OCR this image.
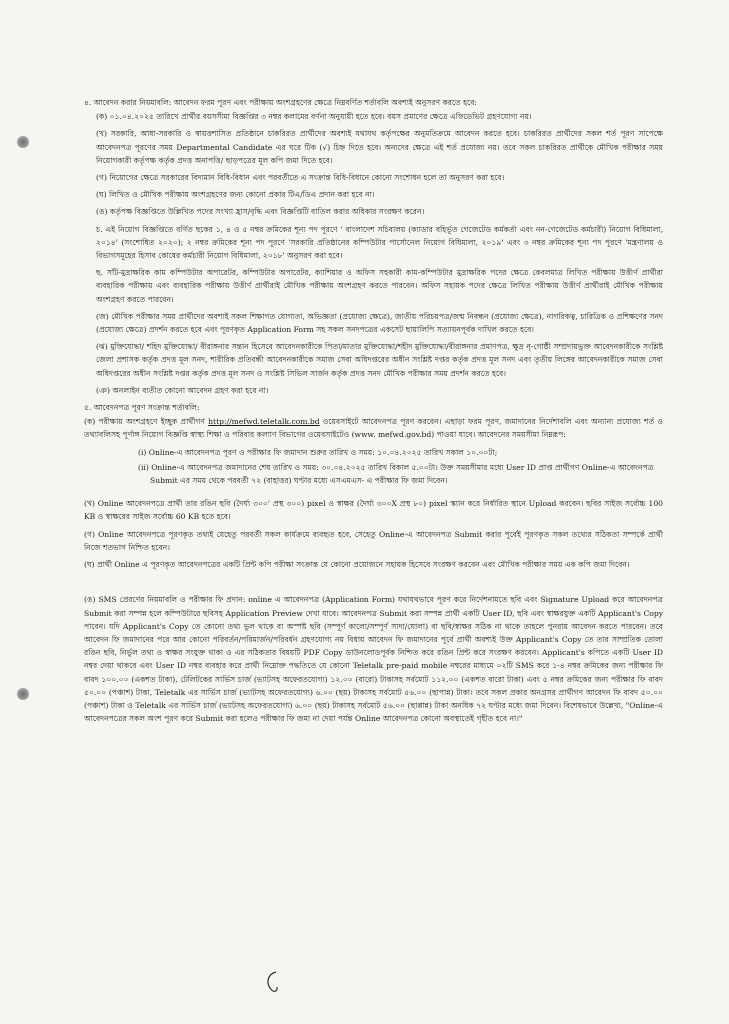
৪. আবেদন করার নিয়মাবলি: আবেদন ফরম পূরণ এবং পরীক্ষায় অংশগ্রহণের ক্ষেত্রে নিম্নবর্ণিত শর্তাবলি অবশ্যই অনুসরণ করতে হবে:

(ক) ০১.০৪.২০২৫ তারিখে প্রার্থীর বয়সসীমা বিজ্ঞপ্তির ৩ নম্বর কলামের বর্ণনা অনুযায়ী হতে হবে। বয়স প্রমাণের ক্ষেত্রে এফিডেভিট গ্রহণযোগ্য নয়।

(খ) সরকারি, আধা-সরকারি ও স্বায়ত্তশাসিত প্রতিষ্ঠানে চাকরিরত প্রার্থীদের অবশ্যই যথাযথ কর্তৃপক্ষের অনুমতিক্রমে আবেদন করতে হবে। চাকরিরত প্রার্থীদের সকল শর্ত পূরণ সাপেক্ষে আবেদনপত্র পূরণের সময় Departmental Candidate এর ঘরে টিক (√) চিহ্ন দিতে হবে। অন্যদের ক্ষেত্রে এই শর্ত প্রযোজ্য নয়। তবে সকল চাকরিরত প্রার্থীকে মৌখিক পরীক্ষার সময় নিয়োগকারী কর্তৃপক্ষ কর্তৃক প্রদত্ত অনাপত্তি/ ছাড়পত্রের মূল কপি জমা দিতে হবে।

(গ) নিয়োগের ক্ষেত্রে সরকারের বিদ্যমান বিধি-বিধান এবং পরবর্তীতে এ সংক্রান্ত বিধি-বিধানে কোনো সংশোধন হলে তা অনুসরণ করা হবে।

(ঘ) লিখিত ও মৌখিক পরীক্ষায় অংশগ্রহণের জন্য কোনো প্রকার টিএ/ডিএ প্রদান করা হবে না।

(ঙ) কর্তৃপক্ষ বিজ্ঞপ্তিতে উল্লিখিত পদের সংখ্যা হ্রাস/বৃদ্ধি এবং বিজ্ঞপ্তিটি বাতিল করার অধিকার সংরক্ষণ করেন।

চ. এই নিয়োগ বিজ্ঞপ্তিতে বর্ণিত ছকের ১, ৪ ও ৫ নম্বর ক্রমিকের শূন্য পদ পূরণে ' বাংলাদেশ সচিবালয় (ক্যাডার বহির্ভূত গেজেটেড কর্মকর্তা এবং নন-গেজেটেড কর্মচারী) নিয়োগ বিধিমালা, ২০১৪' (সংশোধিত ২০২০); ২ নম্বর ক্রমিকের শূন্য পদ পূরণে 'সরকারি প্রতিষ্ঠানের কম্পিউটার পার্সোনেল নিয়োগ বিধিমালা, ২০১৯' এবং ৩ নম্বর ক্রমিকের শূন্য পদ পূরণে 'মন্ত্রণালয় ও বিভাগসমূহের হিসাব কোষের কর্মচারী নিয়োগ বিধিমালা, ২০১৮' অনুসরণ করা হবে।

ছ. সাঁট-মুদ্রাক্ষরিক কাম কম্পিউটার অপারেটর, কম্পিউটার অপারেটর, ক্যাশিয়ার ও অফিস সহকারী কাম-কম্পিউটার মুদ্রাক্ষরিক পদের ক্ষেত্রে কেবলমাত্র লিখিত পরীক্ষায় উত্তীর্ণ প্রার্থীরা ব্যবহারিক পরীক্ষায় এবং ব্যবহারিক পরীক্ষায় উত্তীর্ণ প্রার্থীরাই মৌখিক পরীক্ষায় অংশগ্রহণ করতে পারবেন। অফিস সহায়ক পদের ক্ষেত্রে লিখিত পরীক্ষায় উত্তীর্ণ প্রার্থীরাই মৌখিক পরীক্ষায় অংশগ্রহণ করতে পারবেন।

(জ) মৌখিক পরীক্ষার সময় প্রার্থীদের অবশ্যই সকল শিক্ষাগত যোগ্যতা, অভিজ্ঞতা (প্রযোজ্য ক্ষেত্রে), জাতীয় পরিচয়পত্র/জন্ম নিবন্ধন (প্রযোজ্য ক্ষেত্রে), নাগরিকত্ব, চারিত্রিক ও প্রশিক্ষণের সনদ (প্রযোজ্য ক্ষেত্রে) প্রদর্শন করতে হবে এবং পূরণকৃত Application Form সহ সকল সনদপত্রের একসেট ছায়ালিপি সত্যায়নপূর্বক দাখিল করতে হবে।

(ঝ) মুক্তিযোদ্ধা/ শহিদ মুক্তিযোদ্ধা/ বীরাঙ্গনার সন্তান হিসেবে আবেদনকারীকে পিতা/মাতার মুক্তিযোদ্ধা/শহীদ মুক্তিযোদ্ধা/বীরাঙ্গনার প্রমাণপত্র, ক্ষুদ্র নৃ-গোষ্ঠী সম্প্রদায়ভুক্ত আবেদনকারীকে সংশ্লিষ্ট জেলা প্রশাসক কর্তৃক প্রদত্ত মূল সনদ, শারীরিক প্রতিবন্ধী আবেদনকারীকে সমাজ সেবা অধিদপ্তরের অধীন সংশ্লিষ্ট দপ্তর কর্তৃক প্রদত্ত মূল সনদ এবং তৃতীয় লিঙ্গের আবেদনকারীকে সমাজ সেবা অধিদপ্তরের অধীন সংশ্লিষ্ট দপ্তর কর্তৃক প্রদত্ত মূল সনদ ও সংশ্লিষ্ট সিভিল সার্জন কর্তৃক প্রদত্ত সনদ মৌখিক পরীক্ষার সময় প্রদর্শন করতে হবে।

(ঞ) অনলাইন ব্যতীত কোনো আবেদন গ্রহণ করা হবে না।

৫. আবেদনপত্র পূরণ সংক্রান্ত শর্তাবলি:

(ক) পরীক্ষায় অংশগ্রহণে ইচ্ছুক প্রার্থীগণ http://mefwd.teletalk.com.bd ওয়েবসাইটে আবেদনপত্র পূরণ করবেন। এছাড়া ফরম পূরণ, জমাদানের নির্দেশাবলি এবং অন্যান্য প্রযোজ্য শর্ত ও তথ্যাবলিসহ পূর্ণাঙ্গ নিয়োগ বিজ্ঞপ্তি স্বাস্থ্য শিক্ষা ও পরিবার কল্যাণ বিভাগের ওয়েবসাইটেও (www. mefwd.gov.bd) পাওয়া যাবে। আবেদনের সময়সীমা নিম্নরূপ:

(i) Online-এ আবেদনপত্র পূরণ ও পরীক্ষার ফি জমাদান শুরুর তারিখ ও সময়: ১০.০৪.২০২৫ তারিখ সকাল ১০.০০টা;

(ii) Online-এ আবেদনপত্র জমাদানের শেষ তারিখ ও সময়: ৩০.০৪.২০২৫ তারিখ বিকাল ৫.০০টা। উক্ত সময়সীমার মধ্যে User ID প্রাপ্ত প্রার্থীগণ Online-এ আবেদনপত্র Submit এর সময় থেকে পরবর্তী ৭২ (বাহাত্তর) ঘণ্টার মধ্যে এসএমএস- এ পরীক্ষার ফি জমা দিবেন।

(খ) Online আবেদনপত্রে প্রার্থী তার রঙিন ছবি (দৈর্ঘ্য ৩০০' প্রস্থ ৩০০) pixel ও স্বাক্ষর (দৈর্ঘ্য ৩০০X প্রস্থ ৮০) pixel স্ক্যান করে নির্ধারিত স্থানে Upload করবেন। ছবির সাইজ সর্বোচ্চ 100 KB ও স্বাক্ষরের সাইজ সর্বোচ্চ 60 KB হতে হবে।

(গ) Online আবেদনপত্রে পূরণকৃত তথ্যই যেহেতু পরবর্তী সকল কার্যক্রমে ব্যবহৃত হবে, সেহেতু Online-এ আবেদনপত্র Submit করার পূর্বেই পূরণকৃত সকল তথ্যের সঠিকতা সম্পর্কে প্রার্থী নিজে শতভাগ নিশ্চিত হবেন।

(ঘ) প্রার্থী Online এ পূরণকৃত আবেদনপত্রের একটি প্রিন্ট কপি পরীক্ষা সংক্রান্ত যে কোনো প্রয়োজনে সহায়ক হিসেবে সংরক্ষণ করবেন এবং মৌখিক পরীক্ষার সময় এক কপি জমা দিবেন।

(ঙ) SMS প্রেরণের নিয়মাবলি ও পরীক্ষার ফি প্রদান: online এ আবেদনপত্র (Application Form) যথাযথভাবে পূরণ করে নির্দেশনামতে ছবি এবং Signature Upload করে আবেদনপত্র Submit করা সম্পন্ন হলে কম্পিউটারে ছবিসহ Application Preview দেখা যাবে। আবেদনপত্র Submit করা সম্পন্ন প্রার্থী একটি User ID, ছবি এবং স্বাক্ষরযুক্ত একটি Applicant's Copy পাবেন। যদি Applicant's Copy তে কোনো তথ্য ভুল থাকে বা অস্পষ্ট ছবি (সম্পূর্ণ কালো/সম্পূর্ণ সাদা/ঘোলা) বা ছবি/স্বাক্ষর সঠিক না থাকে তাহলে পুনরায় আবেদন করতে পারবেন। তবে আবেদন ফি জমাদানের পরে আর কোনো পরিবর্তন/পরিমার্জন/পরিবর্ধন গ্রহণযোগ্য নয় বিধায় আবেদন ফি জমাদানের পূর্বে প্রার্থী অবশ্যই উক্ত Applicant's Copy তে তার সাম্প্রতিক তোলা রঙিন ছবি, নির্ভুল তথ্য ও স্বাক্ষর সংযুক্ত থাকা ও এর সঠিকতার বিষয়টি PDF Copy ডাউনলোডপূর্বক নিশ্চিত করে রঙিন প্রিন্ট করে সংরক্ষণ করবেন। Applicant's কপিতে একটি User ID নম্বর দেয়া থাকবে এবং User ID নম্বর ব্যবহার করে প্রার্থী নিম্নোক্ত পদ্ধতিতে যে কোনো Teletalk pre-paid mobile নম্বরের মাধ্যমে ০২টি SMS করে ১-৪ নম্বর ক্রমিকের জন্য পরীক্ষার ফি বাবদ ১০০.০০ (একশত টাকা), টেলিটকের সার্ভিস চার্জ (ভ্যাটসহ অফেরতযোগ্য) ১২.০০ (বারো) টাকাসহ সর্বমোট ১১২.০০ (একশত বারো টাকা) এবং ৫ নম্বর ক্রমিকের জন্য পরীক্ষার ফি বাবদ ৫০.০০ (পঞ্চাশ) টাকা, Teletalk এর সার্ভিস চার্জ (ভ্যাটসহ অফেরতযোগ্য) ৬.০০ (ছয়) টাকাসহ সর্বমোট ৫৬.০০ (ছাপান্ন) টাকা। তবে সকল প্রকার অনগ্রসর প্রার্থীগণ আবেদন ফি বাবদ ৫০.০০ (পঞ্চাশ) টাকা ও Teletalk এর সার্ভিস চার্জ (ভ্যাটসহ অফেরতযোগ্য) ৬.০০ (ছয়) টাকাসহ সর্বমোট ৫৬.০০ (ছাপ্পান্ন) টাকা অনধিক ৭২ ঘণ্টার মধ্যে জমা দিবেন। বিশেষভাবে উল্লেখ্য, "Online-এ আবেদনপত্রের সকল অংশ পূরণ করে Submit করা হলেও পরীক্ষার ফি জমা না দেয়া পর্যন্ত Online আবেদনপত্র কোনো অবস্থাতেই গৃহীত হবে না।"
